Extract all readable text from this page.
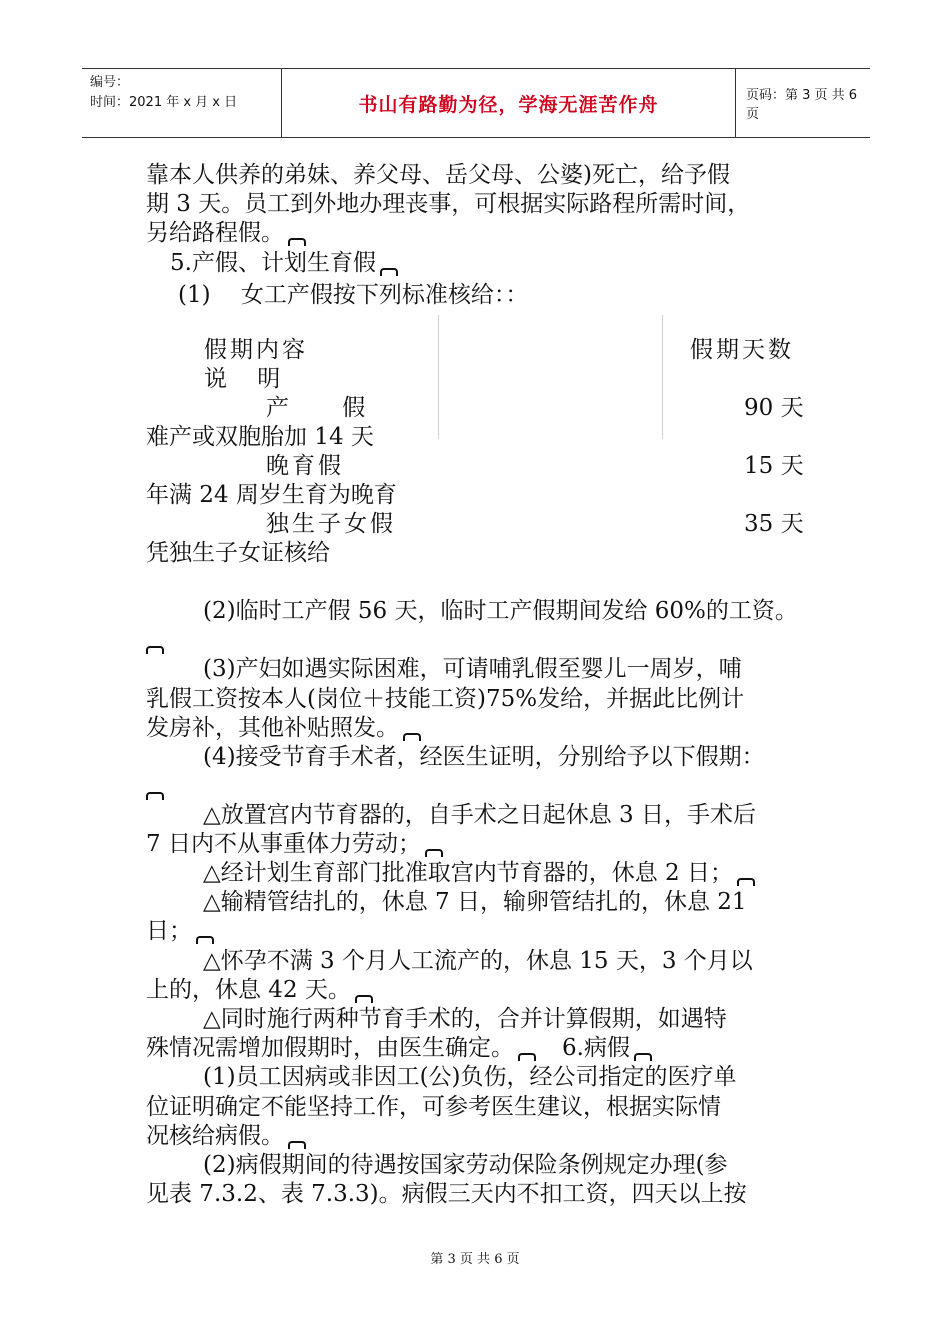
编号：
时间：2021 年 x 月 x 日	书山有路勤为径，学海无涯苦作舟	页码：第 3 页 共 6 页
靠本人供养的弟妹、养父母、岳父母、公婆)死亡，给予假
期 3 天。员工到外地办理丧事，可根据实际路程所需时间，
另给路程假。
5.产假、计划生育假
(1)　 女工产假按下列标准核给：：
假期内容	假期天数
说　 明
产　　 假	90 天
难产或双胞胎加 14 天
晚育假	15 天
年满 24 周岁生育为晚育
独生子女假	35 天
凭独生子女证核给
(2)临时工产假 56 天，临时工产假期间发给 60%的工资。
(3)产妇如遇实际困难，可请哺乳假至婴儿一周岁，哺
乳假工资按本人(岗位＋技能工资)75%发给，并据此比例计
发房补，其他补贴照发。
(4)接受节育手术者，经医生证明，分别给予以下假期：
△放置宫内节育器的，自手术之日起休息 3 日，手术后
7 日内不从事重体力劳动；
△经计划生育部门批准取宫内节育器的，休息 2 日；
△输精管结扎的，休息 7 日，输卵管结扎的，休息 21
日；
△怀孕不满 3 个月人工流产的，休息 15 天，3 个月以
上的，休息 42 天。
△同时施行两种节育手术的，合并计算假期，如遇特
殊情况需增加假期时，由医生确定。 6.病假
(1)员工因病或非因工(公)负伤，经公司指定的医疗单
位证明确定不能坚持工作，可参考医生建议，根据实际情
况核给病假。
(2)病假期间的待遇按国家劳动保险条例规定办理(参
见表 7.3.2、表 7.3.3)。病假三天内不扣工资，四天以上按
第 3 页 共 6 页
